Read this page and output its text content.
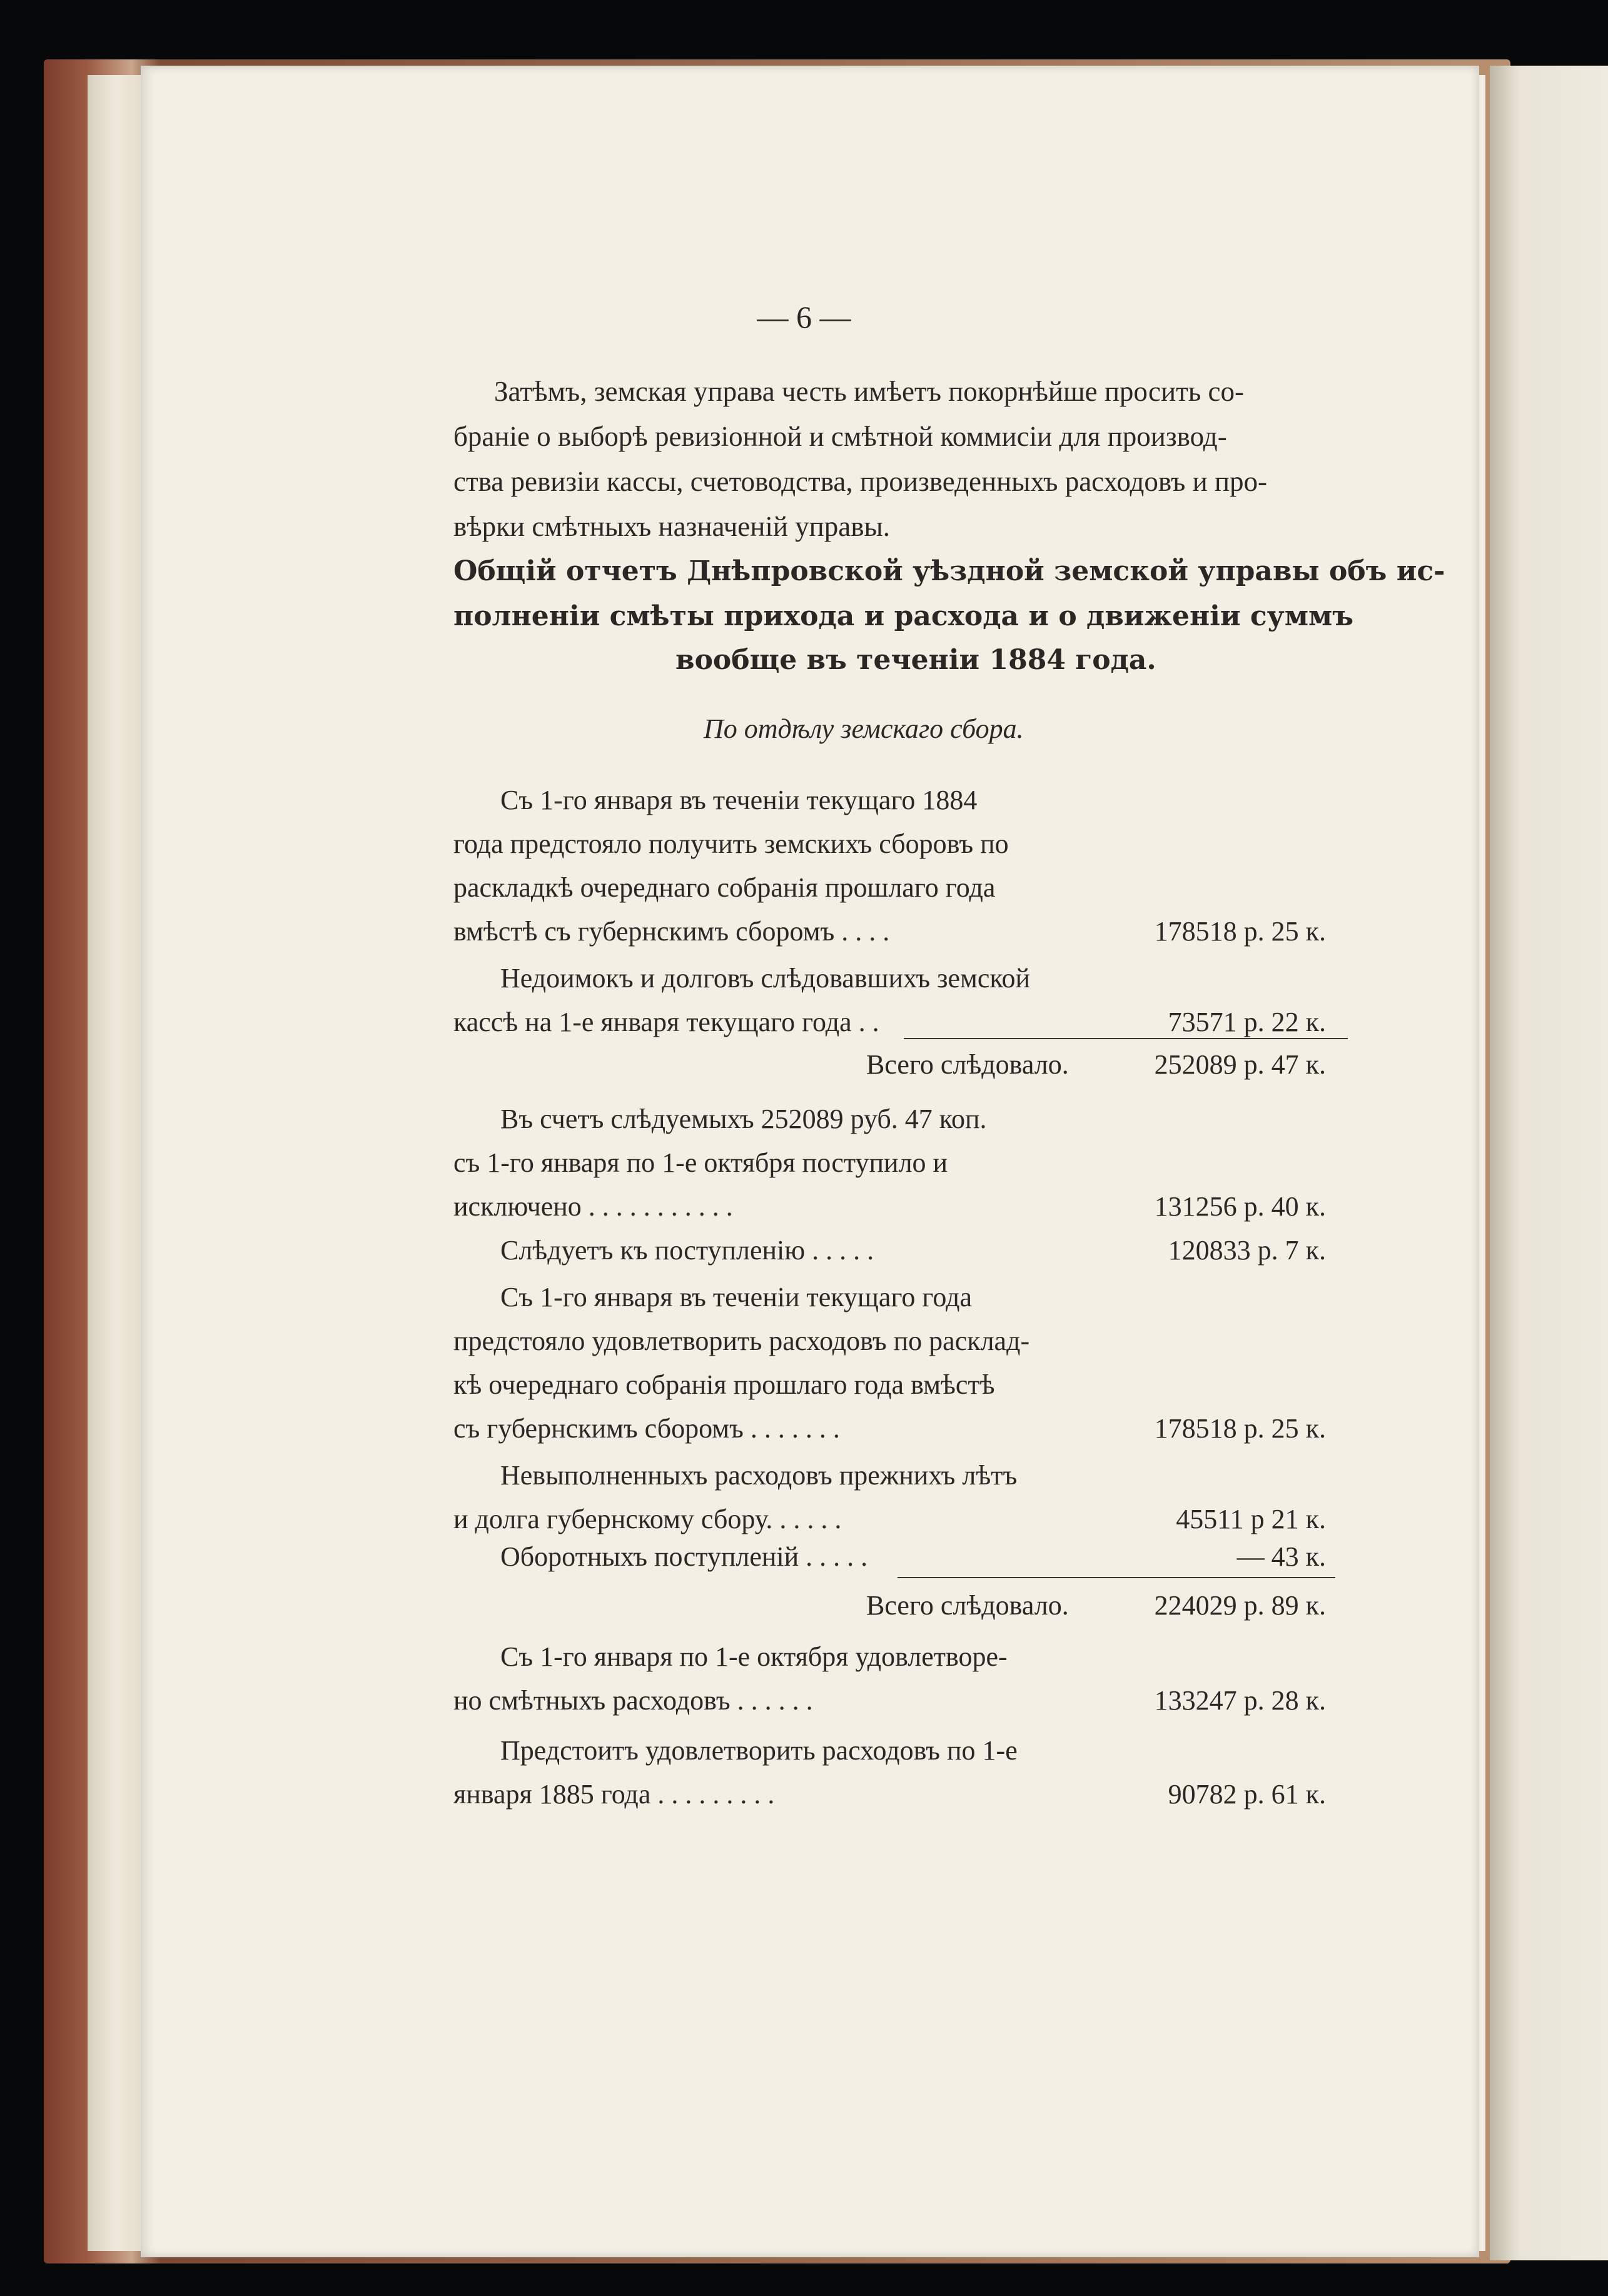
— 6 —
Затѣмъ, земская управа честь имѣетъ покорнѣйше просить со-
браніе о выборѣ ревизіонной и смѣтной коммисіи для производ-
ства ревизіи кассы, счетоводства, произведенныхъ расходовъ и про-
вѣрки смѣтныхъ назначеній управы.
Общій отчетъ Днѣпровской уѣздной земской управы объ ис-
полненіи смѣты прихода и расхода и о движеніи суммъ
вообще въ теченіи 1884 года.
По отдѣлу земскаго сбора.
Съ 1-го января въ теченіи текущаго 1884
года предстояло получить земскихъ сборовъ по
раскладкѣ очереднаго собранія прошлаго года
вмѣстѣ съ губернскимъ сборомъ . . . .	178518 р. 25 к.
Недоимокъ и долговъ слѣдовавшихъ земской
кассѣ на 1-е января текущаго года . .	73571 р. 22 к.
Всего слѣдовало.	252089 р. 47 к.
Въ счетъ слѣдуемыхъ 252089 руб. 47 коп.
съ 1-го января по 1-е октября поступило и
исключено . . . . . . . . . . .	131256 р. 40 к.
Слѣдуетъ къ поступленію . . . . .	120833 р. 7 к.
Съ 1-го января въ теченіи текущаго года
предстояло удовлетворить расходовъ по расклад-
кѣ очереднаго собранія прошлаго года вмѣстѣ
съ губернскимъ сборомъ . . . . . . .	178518 р. 25 к.
Невыполненныхъ расходовъ прежнихъ лѣтъ
и долга губернскому сбору. . . . . .	45511 р 21 к.
Оборотныхъ поступленій . . . . .	— 43 к.
Всего слѣдовало.	224029 р. 89 к.
Съ 1-го января по 1-е октября удовлетворе-
но смѣтныхъ расходовъ . . . . . .	133247 р. 28 к.
Предстоитъ удовлетворить расходовъ по 1-е
января 1885 года . . . . . . . . .	90782 р. 61 к.
